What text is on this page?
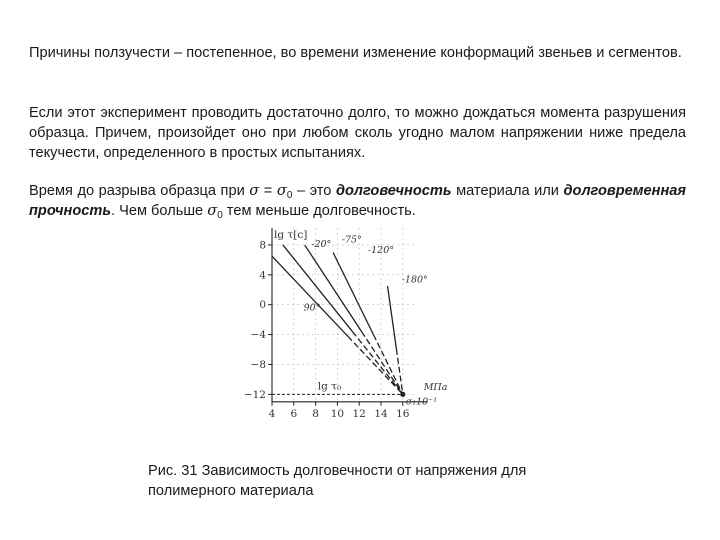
Причины ползучести – постепенное, во времени изменение конформаций звеньев и сегментов.
Если этот эксперимент проводить достаточно долго, то можно дождаться момента разрушения образца. Причем, произойдет оно при любом сколь угодно малом напряжении ниже предела текучести, определенного в простых испытаниях.
Время до разрыва образца при $\sigma = \sigma_0$ – это долговечность материала или долговременная прочность. Чем больше $\sigma_0$ тем меньше долговечность.
8
4
0
−4
−8
−12
4 6 8 10 12 14 16
lg τ[c]
МПа
lg τ₀
σ₁10⁻¹
90°
-20° -75°
-120°
-180°
Рис. 31 Зависимость долговечности от напряжения для
полимерного материала
